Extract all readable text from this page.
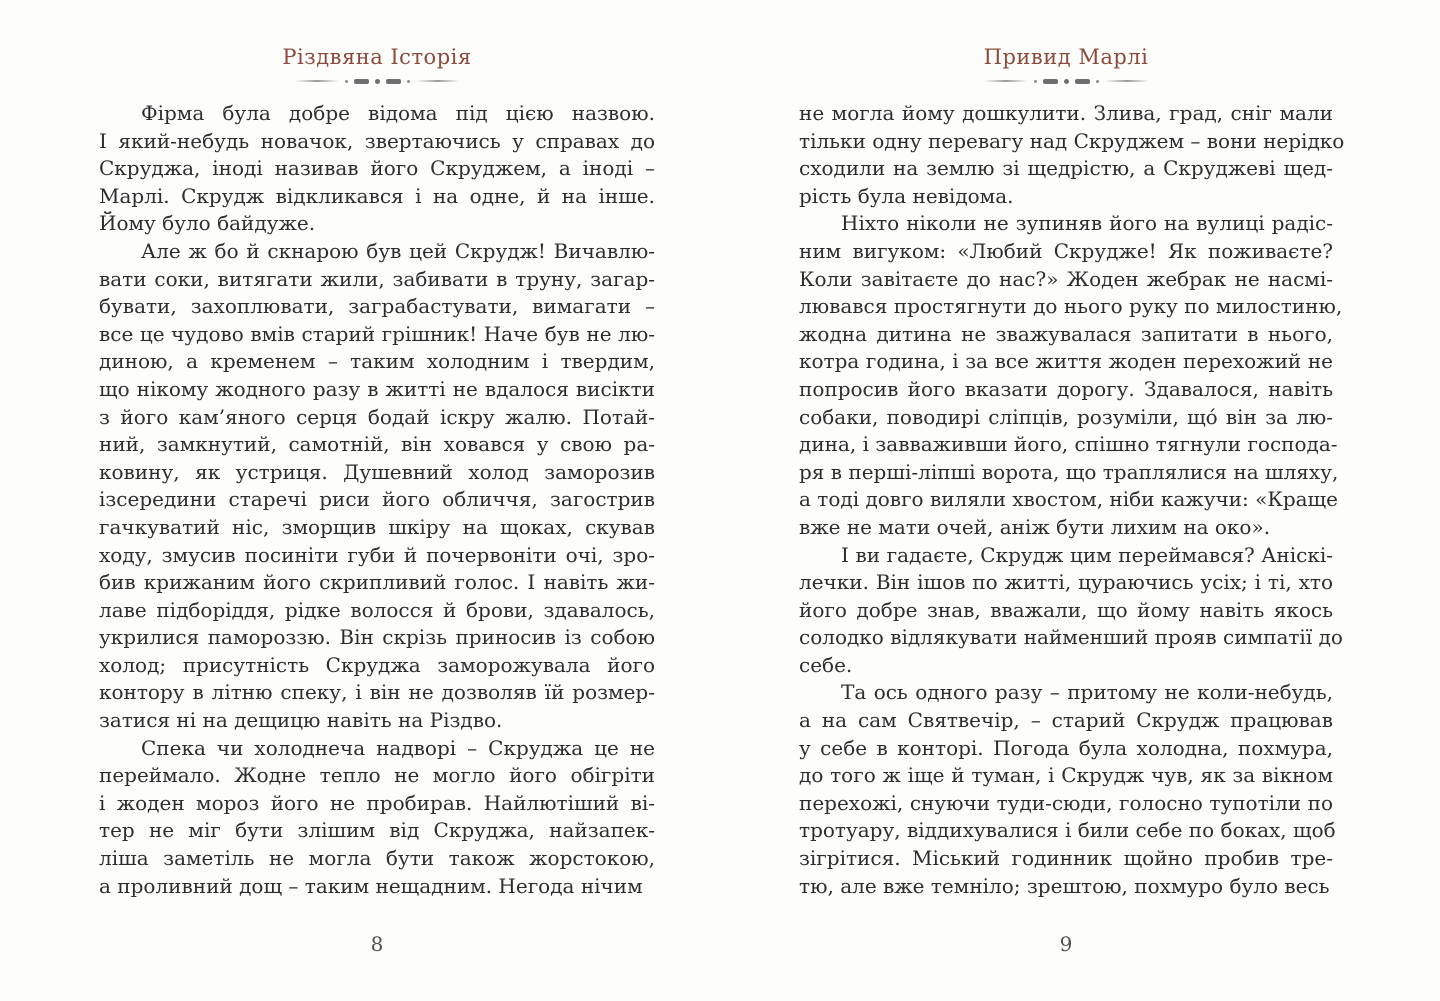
Різдвяна Історія
Фірма була добре відома під цією назвою.
І який-небудь новачок, звертаючись у справах до
Скруджа, іноді називав його Скруджем, а іноді –
Марлі. Скрудж відкликався і на одне, й на інше.
Йому було байдуже.
Але ж бо й скнарою був цей Скрудж! Вичавлю-
вати соки, витягати жили, забивати в труну, загар-
бувати, захоплювати, заграбастувати, вимагати –
все це чудово вмів старий грішник! Наче був не лю-
диною, а кременем – таким холодним і твердим,
що нікому жодного разу в житті не вдалося висікти
з його кам’яного серця бодай іскру жалю. Потай-
ний, замкнутий, самотній, він ховався у свою ра-
ковину, як устриця. Душевний холод заморозив
ізсередини старечі риси його обличчя, загострив
гачкуватий ніс, зморщив шкіру на щоках, скував
ходу, змусив посиніти губи й почервоніти очі, зро-
бив крижаним його скрипливий голос. І навіть жи-
лаве підборіддя, рідке волосся й брови, здавалось,
укрилися памороззю. Він скрізь приносив із собою
холод; присутність Скруджа заморожувала його
контору в літню спеку, і він не дозволяв їй розмер-
затися ні на дещицю навіть на Різдво.
Спека чи холоднеча надворі – Скруджа це не
переймало. Жодне тепло не могло його обігріти
і жоден мороз його не пробирав. Найлютіший ві-
тер не міг бути злішим від Скруджа, найзапек-
ліша заметіль не могла бути також жорстокою,
а проливний дощ – таким нещадним. Негода нічим
8
Привид Марлі
не могла йому дошкулити. Злива, град, сніг мали
тільки одну перевагу над Скруджем – вони нерідко
сходили на землю зі щедрістю, а Скруджеві щед-
рість була невідома.
Ніхто ніколи не зупиняв його на вулиці радіс-
ним вигуком: «Любий Скрудже! Як поживаєте?
Коли завітаєте до нас?» Жоден жебрак не насмі-
лювався простягнути до нього руку по милостиню,
жодна дитина не зважувалася запитати в нього,
котра година, і за все життя жоден перехожий не
попросив його вказати дорогу. Здавалося, навіть
собаки, поводирі сліпців, розуміли, що́ він за лю-
дина, і завваживши його, спішно тягнули господа-
ря в перші-ліпші ворота, що траплялися на шляху,
а тоді довго виляли хвостом, ніби кажучи: «Краще
вже не мати очей, аніж бути лихим на око».
І ви гадаєте, Скрудж цим переймався? Аніскі-
лечки. Він ішов по житті, цураючись усіх; і ті, хто
його добре знав, вважали, що йому навіть якось
солодко відлякувати найменший прояв симпатії до
себе.
Та ось одного разу – притому не коли-небудь,
а на сам Святвечір, – старий Скрудж працював
у себе в конторі. Погода була холодна, похмура,
до того ж іще й туман, і Скрудж чув, як за вікном
перехожі, снуючи туди-сюди, голосно тупотіли по
тротуару, віддихувалися і били себе по боках, щоб
зігрітися. Міський годинник щойно пробив тре-
тю, але вже темніло; зрештою, похмуро було весь
9
